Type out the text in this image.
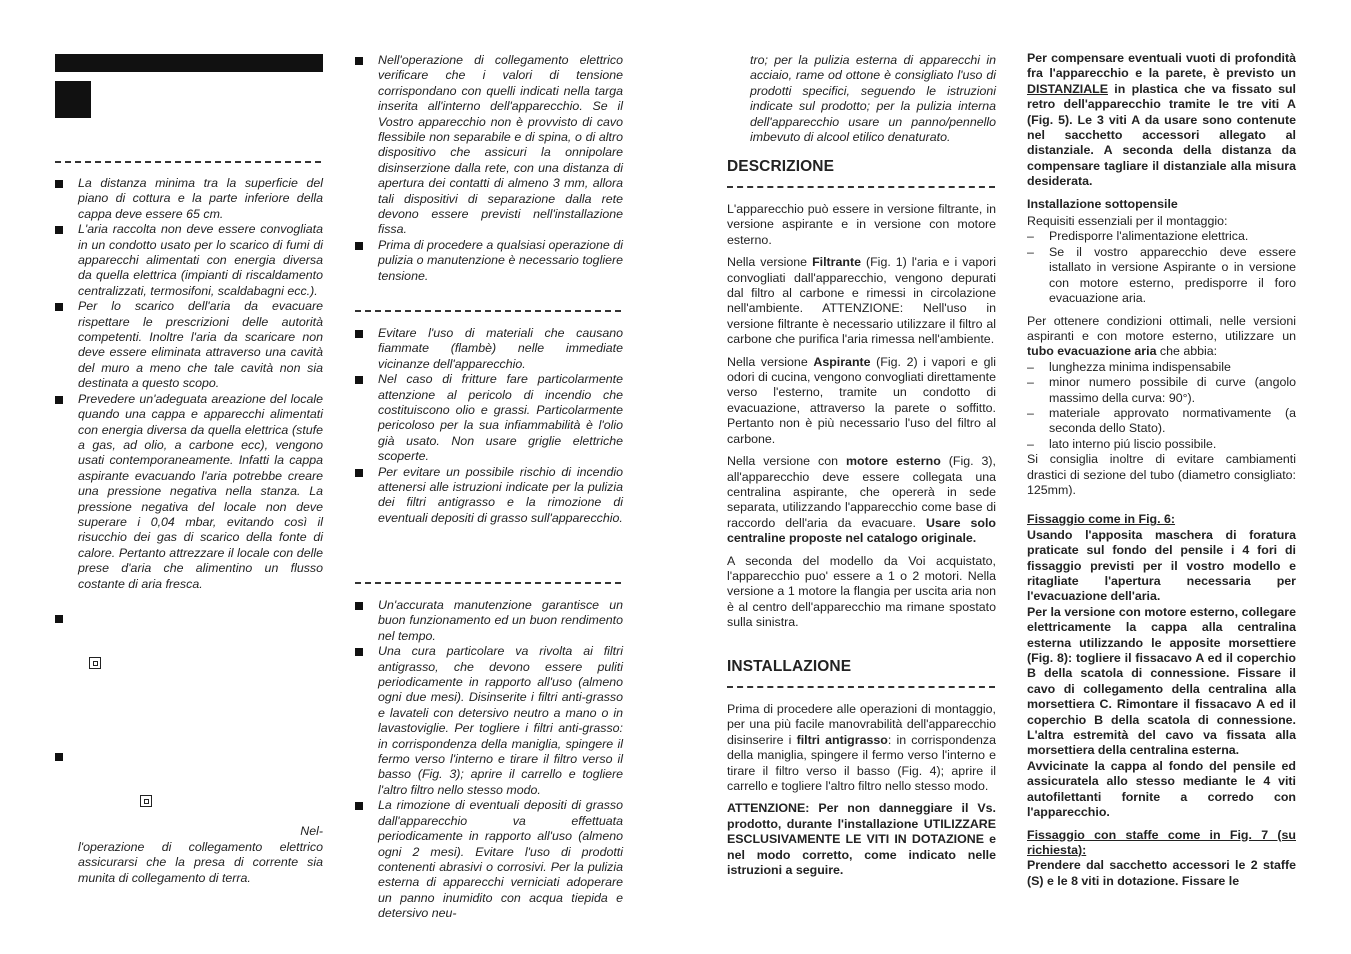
La distanza minima tra la superficie del piano di cottura e la parte inferiore della cappa deve essere 65 cm.
L'aria raccolta non deve essere convogliata in un condotto usato per lo scarico di fumi di apparecchi alimentati con energia diversa da quella elettrica (impianti di riscaldamento centralizzati, termosifoni, scaldabagni ecc.).
Per lo scarico dell'aria da evacuare rispettare le prescrizioni delle autorità competenti. Inoltre l'aria da scaricare non deve essere eliminata attraverso una cavità del muro a meno che tale cavità non sia destinata a questo scopo.
Prevedere un'adeguata areazione del locale quando una cappa e apparecchi alimentati con energia diversa da quella elettrica (stufe a gas, ad olio, a carbone ecc), vengono usati contemporaneamente. Infatti la cappa aspirante evacuando l'aria potrebbe creare una pressione negativa nella stanza. La pressione negativa del locale non deve superare i 0,04 mbar, evitando così il risucchio dei gas di scarico della fonte di calore. Pertanto attrezzare il locale con delle prese d'aria che alimentino un flusso costante di aria fresca.
Nel-
l'operazione di collegamento elettrico assicurarsi che la presa di corrente sia munita di collegamento di terra.
Nell'operazione di collegamento elettrico verificare che i valori di tensione corrispondano con quelli indicati nella targa inserita all'interno dell'apparecchio. Se il Vostro apparecchio non è provvisto di cavo flessibile non separabile e di spina, o di altro dispositivo che assicuri la onnipolare disinserzione dalla rete, con una distanza di apertura dei contatti di almeno 3 mm, allora tali dispositivi di separazione dalla rete devono essere previsti nell'installazione fissa.
Prima di procedere a qualsiasi operazione di pulizia o manutenzione è necessario togliere tensione.
Evitare l'uso di materiali che causano fiammate (flambè) nelle immediate vicinanze dell'apparecchio.
Nel caso di fritture fare particolarmente attenzione al pericolo di incendio che costituiscono olio e grassi. Particolarmente pericoloso per la sua infiammabilità è l'olio già usato. Non usare griglie elettriche scoperte.
Per evitare un possibile rischio di incendio attenersi alle istruzioni indicate per la pulizia dei filtri antigrasso e la rimozione di eventuali depositi di grasso sull'apparecchio.
Un'accurata manutenzione garantisce un buon funzionamento ed un buon rendimento nel tempo.
Una cura particolare va rivolta ai filtri antigrasso, che devono essere puliti periodicamente in rapporto all'uso (almeno ogni due mesi). Disinserite i filtri anti-grasso e lavateli con detersivo neutro a mano o in lavastoviglie. Per togliere i filtri anti-grasso: in corrispondenza della maniglia, spingere il fermo verso l'interno e tirare il filtro verso il basso (Fig. 3); aprire il carrello e togliere l'altro filtro nello stesso modo.
La rimozione di eventuali depositi di grasso dall'apparecchio va effettuata periodicamente in rapporto all'uso (almeno ogni 2 mesi). Evitare l'uso di prodotti contenenti abrasivi o corrosivi. Per la pulizia esterna di apparecchi verniciati adoperare un panno inumidito con acqua tiepida e detersivo neu-
tro; per la pulizia esterna di apparecchi in acciaio, rame od ottone è consigliato l'uso di prodotti specifici, seguendo le istruzioni indicate sul prodotto; per la pulizia interna dell'apparecchio usare un panno/pennello imbevuto di alcool etilico denaturato.
DESCRIZIONE

L'apparecchio può essere in versione filtrante, in versione aspirante e in versione con motore esterno.

Nella versione Filtrante (Fig. 1) l'aria e i vapori convogliati dall'apparecchio, vengono depurati dal filtro al carbone e rimessi in circolazione nell'ambiente. ATTENZIONE: Nell'uso in versione filtrante è necessario utilizzare il filtro al carbone che purifica l'aria rimessa nell'ambiente.

Nella versione Aspirante (Fig. 2) i vapori e gli odori di cucina, vengono convogliati direttamente verso l'esterno, tramite un condotto di evacuazione, attraverso la parete o soffitto. Pertanto non è più necessario l'uso del filtro al carbone.

Nella versione con motore esterno (Fig. 3), all'apparecchio deve essere collegata una centralina aspirante, che opererà in sede separata, utilizzando l'apparecchio come base di raccordo dell'aria da evacuare. Usare solo centraline proposte nel catalogo originale.

A seconda del modello da Voi acquistato, l'apparecchio puo' essere a 1 o 2 motori. Nella versione a 1 motore la flangia per uscita aria non è al centro dell'apparecchio ma rimane spostato sulla sinistra.

INSTALLAZIONE

Prima di procedere alle operazioni di montaggio, per una più facile manovrabilità dell'apparecchio disinserire i filtri antigrasso: in corrispondenza della maniglia, spingere il fermo verso l'interno e tirare il filtro verso il basso (Fig. 4); aprire il carrello e togliere l'altro filtro nello stesso modo.

ATTENZIONE: Per non danneggiare il Vs. prodotto, durante l'installazione UTILIZZARE ESCLUSIVAMENTE LE VITI IN DOTAZIONE e nel modo corretto, come indicato nelle istruzioni a seguire.

Per compensare eventuali vuoti di profondità fra l'apparecchio e la parete, è previsto un DISTANZIALE in plastica che va fissato sul retro dell'apparecchio tramite le tre viti A (Fig. 5). Le 3 viti A da usare sono contenute nel sacchetto accessori allegato al distanziale. A seconda della distanza da compensare tagliare il distanziale alla misura desiderata.

Installazione sottopensile
Requisiti essenziali per il montaggio:
– Predisporre l'alimentazione elettrica.
– Se il vostro apparecchio deve essere istallato in versione Aspirante o in versione con motore esterno, predisporre il foro evacuazione aria.
Per ottenere condizioni ottimali, nelle versioni aspiranti e con motore esterno, utilizzare un tubo evacuazione aria che abbia:
– lunghezza minima indispensabile
– minor numero possibile di curve (angolo massimo della curva: 90°).
– materiale approvato normativamente (a seconda dello Stato).
– lato interno piú liscio possibile.

Si consiglia inoltre di evitare cambiamenti drastici di sezione del tubo (diametro consigliato: 125mm).

Fissaggio come in Fig. 6:
Usando l'apposita maschera di foratura praticate sul fondo del pensile i 4 fori di fissaggio previsti per il vostro modello e ritagliate l'apertura necessaria per l'evacuazione dell'aria.
Per la versione con motore esterno, collegare elettricamente la cappa alla centralina esterna utilizzando le apposite morsettiere (Fig. 8): togliere il fissacavo A ed il coperchio B della scatola di connessione. Fissare il cavo di collegamento della centralina alla morsettiera C. Rimontare il fissacavo A ed il coperchio B della scatola di connessione. L'altra estremità del cavo va fissata alla morsettiera della centralina esterna.

Avvicinate la cappa al fondo del pensile ed assicuratela allo stesso mediante le 4 viti autofilettanti fornite a corredo con l'apparecchio.

Fissaggio con staffe come in Fig. 7 (su richiesta):
Prendere dal sacchetto accessori le 2 staffe (S) e le 8 viti in dotazione. Fissare le
